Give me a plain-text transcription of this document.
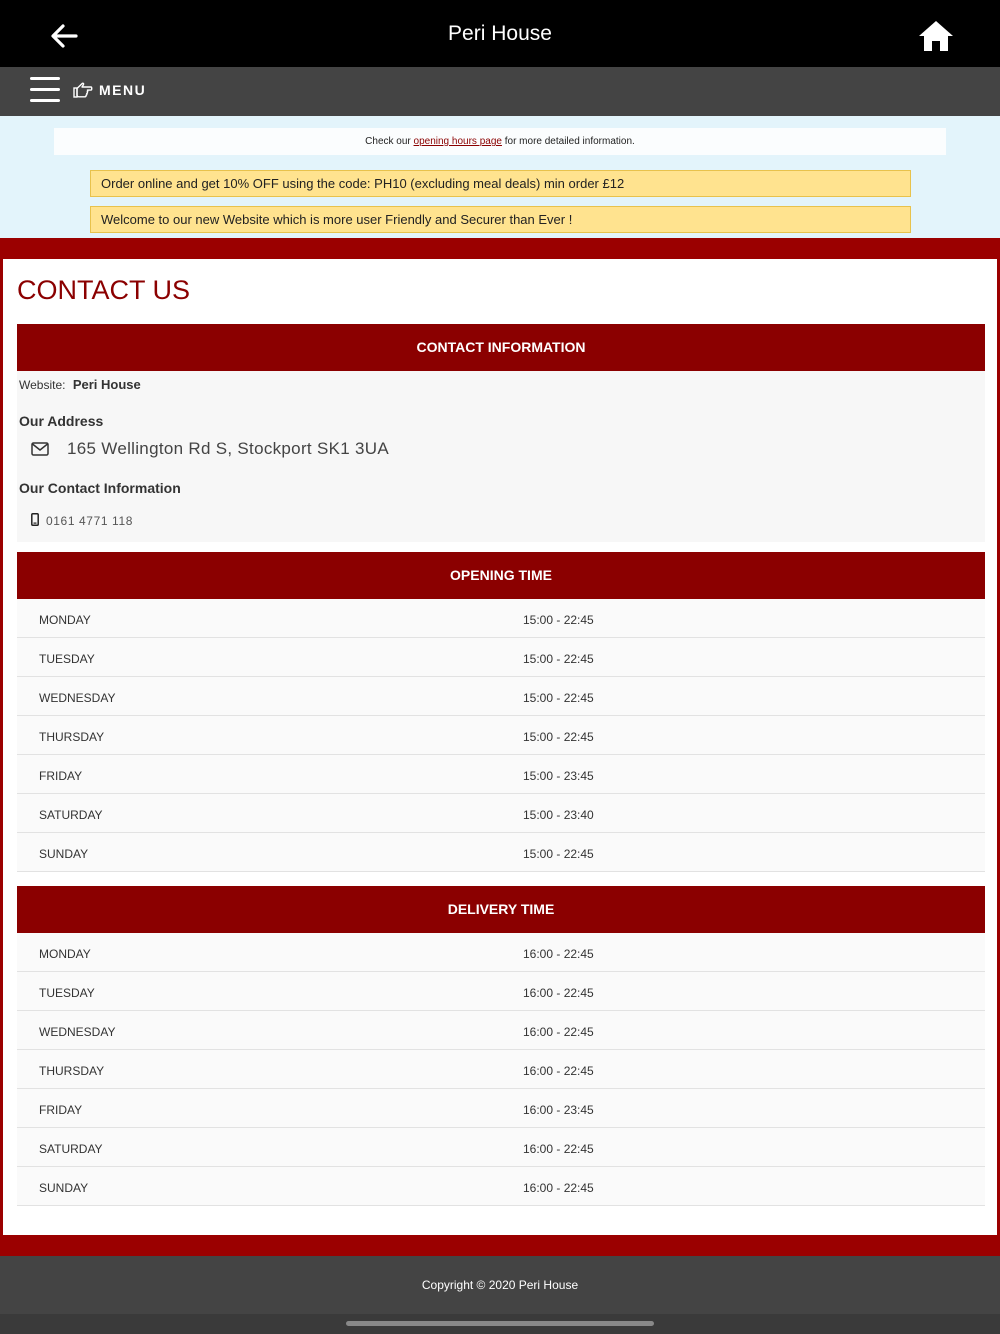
Peri House
MENU
Check our opening hours page for more detailed information.
Order online and get 10% OFF using the code: PH10 (excluding meal deals) min order £12
Welcome to our new Website which is more user Friendly and Securer than Ever !
CONTACT US
CONTACT INFORMATION
Website: Peri House
Our Address
165 Wellington Rd S, Stockport SK1 3UA
Our Contact Information
0161 4771 118
OPENING TIME
MONDAY	15:00 - 22:45
TUESDAY	15:00 - 22:45
WEDNESDAY	15:00 - 22:45
THURSDAY	15:00 - 22:45
FRIDAY	15:00 - 23:45
SATURDAY	15:00 - 23:40
SUNDAY	15:00 - 22:45
DELIVERY TIME
MONDAY	16:00 - 22:45
TUESDAY	16:00 - 22:45
WEDNESDAY	16:00 - 22:45
THURSDAY	16:00 - 22:45
FRIDAY	16:00 - 23:45
SATURDAY	16:00 - 22:45
SUNDAY	16:00 - 22:45
Copyright © 2020 Peri House
